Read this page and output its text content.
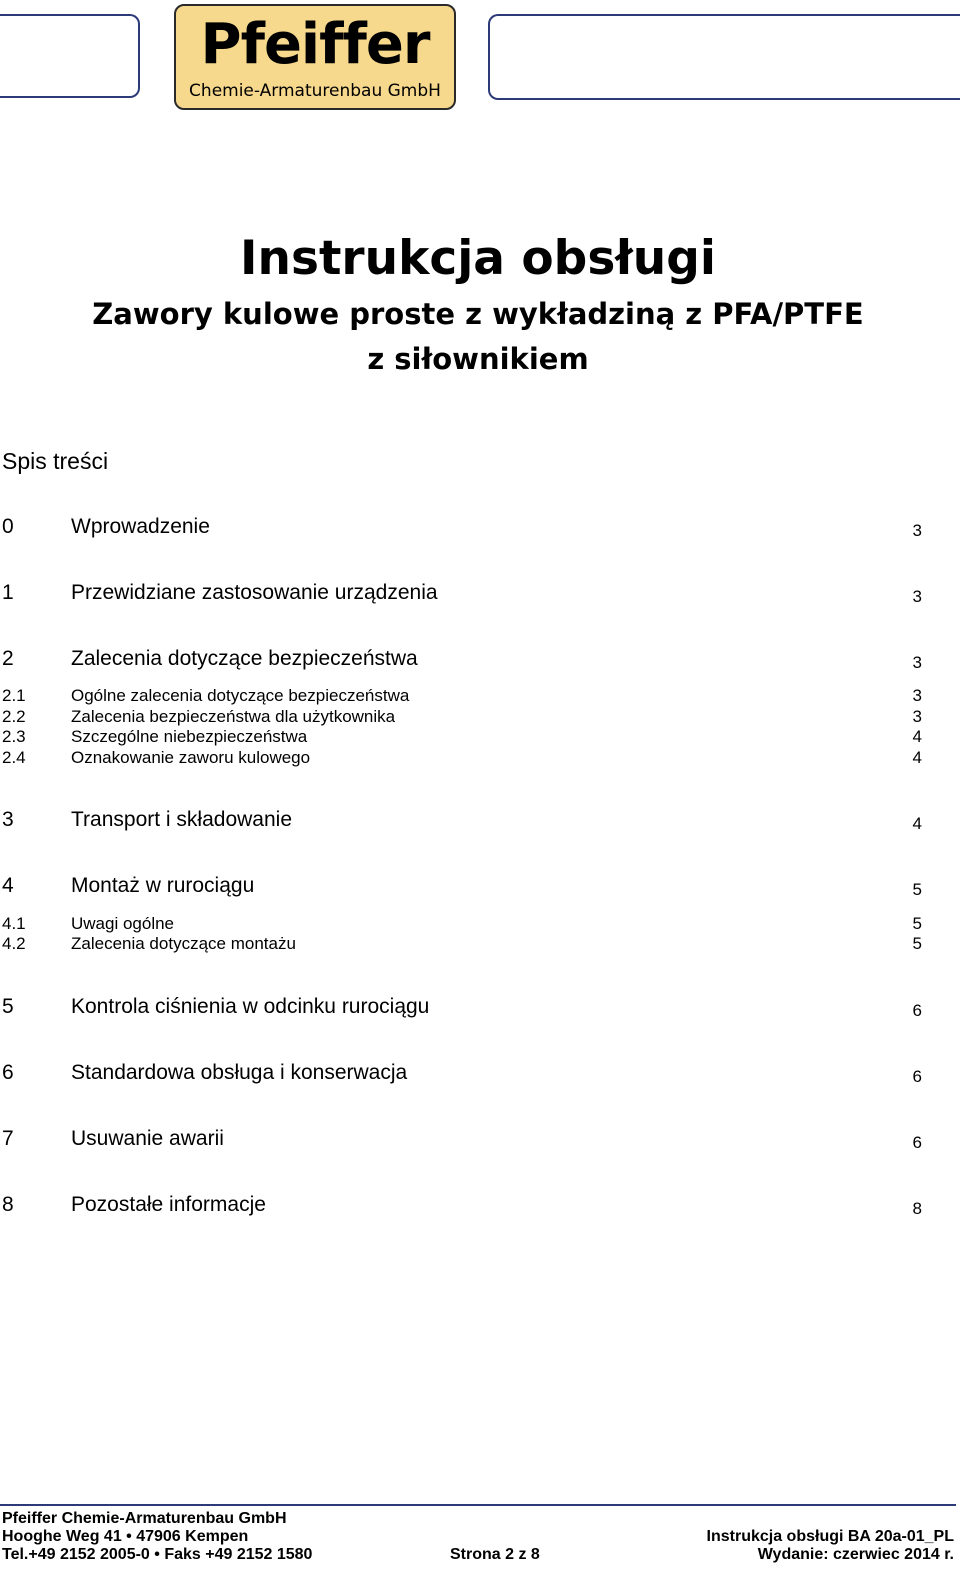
Pfeiffer
Chemie-Armaturenbau GmbH
Instrukcja obsługi
Zawory kulowe proste z wykładziną z PFA/PTFE
z siłownikiem
Spis treści
0	Wprowadzenie	3
1	Przewidziane zastosowanie urządzenia	3
2	Zalecenia dotyczące bezpieczeństwa	3
2.1	Ogólne zalecenia dotyczące bezpieczeństwa	3
2.2	Zalecenia bezpieczeństwa dla użytkownika	3
2.3	Szczególne niebezpieczeństwa	4
2.4	Oznakowanie zaworu kulowego	4
3	Transport i składowanie	4
4	Montaż w rurociągu	5
4.1	Uwagi ogólne	5
4.2	Zalecenia dotyczące montażu	5
5	Kontrola ciśnienia w odcinku rurociągu	6
6	Standardowa obsługa i konserwacja	6
7	Usuwanie awarii	6
8	Pozostałe informacje	8
Pfeiffer Chemie-Armaturenbau GmbH
Hooghe Weg 41 • 47906 Kempen
Tel.+49 2152 2005-0 • Faks +49 2152 1580	Strona 2 z 8
Instrukcja obsługi BA 20a-01_PL
Wydanie: czerwiec 2014 r.
